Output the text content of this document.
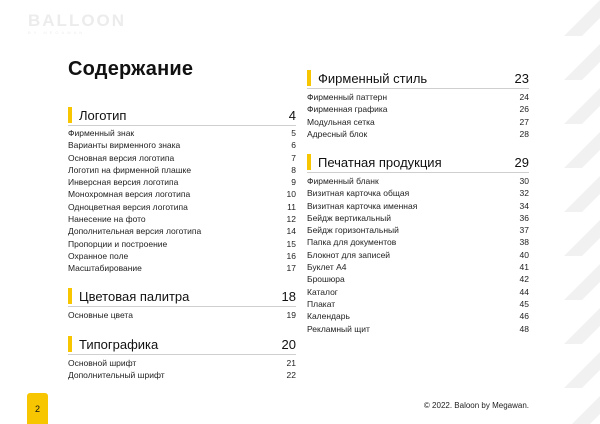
BALLOON
BY MEGAWAN
Содержание
Логотип	4
Фирменный знак	5
Варианты вирменного знака	6
Основная версия логотипа	7
Логотип на фирменной плашке	8
Инверсная версия логотипа	9
Монохромная версия логотипа	10
Одноцветная версия логотипа	11
Нанесение на фото	12
Дополнительная версия логотипа	14
Пропорции и построение	15
Охранное поле	16
Масштабирование	17
Цветовая палитра	18
Основные цвета	19
Типографика	20
Основной шрифт	21
Дополнительный шрифт	22
Фирменный стиль	23
Фирменный паттерн	24
Фирменная графика	26
Модульная сетка	27
Адресный блок	28
Печатная продукция	29
Фирменный бланк	30
Визитная карточка общая	32
Визитная карточка именная	34
Бейдж вертикальный	36
Бейдж горизонтальный	37
Папка для документов	38
Блокнот для записей	40
Буклет А4	41
Брошюра	42
Каталог	44
Плакат	45
Календарь	46
Рекламный щит	48
2	© 2022. Baloon by Megawan.
